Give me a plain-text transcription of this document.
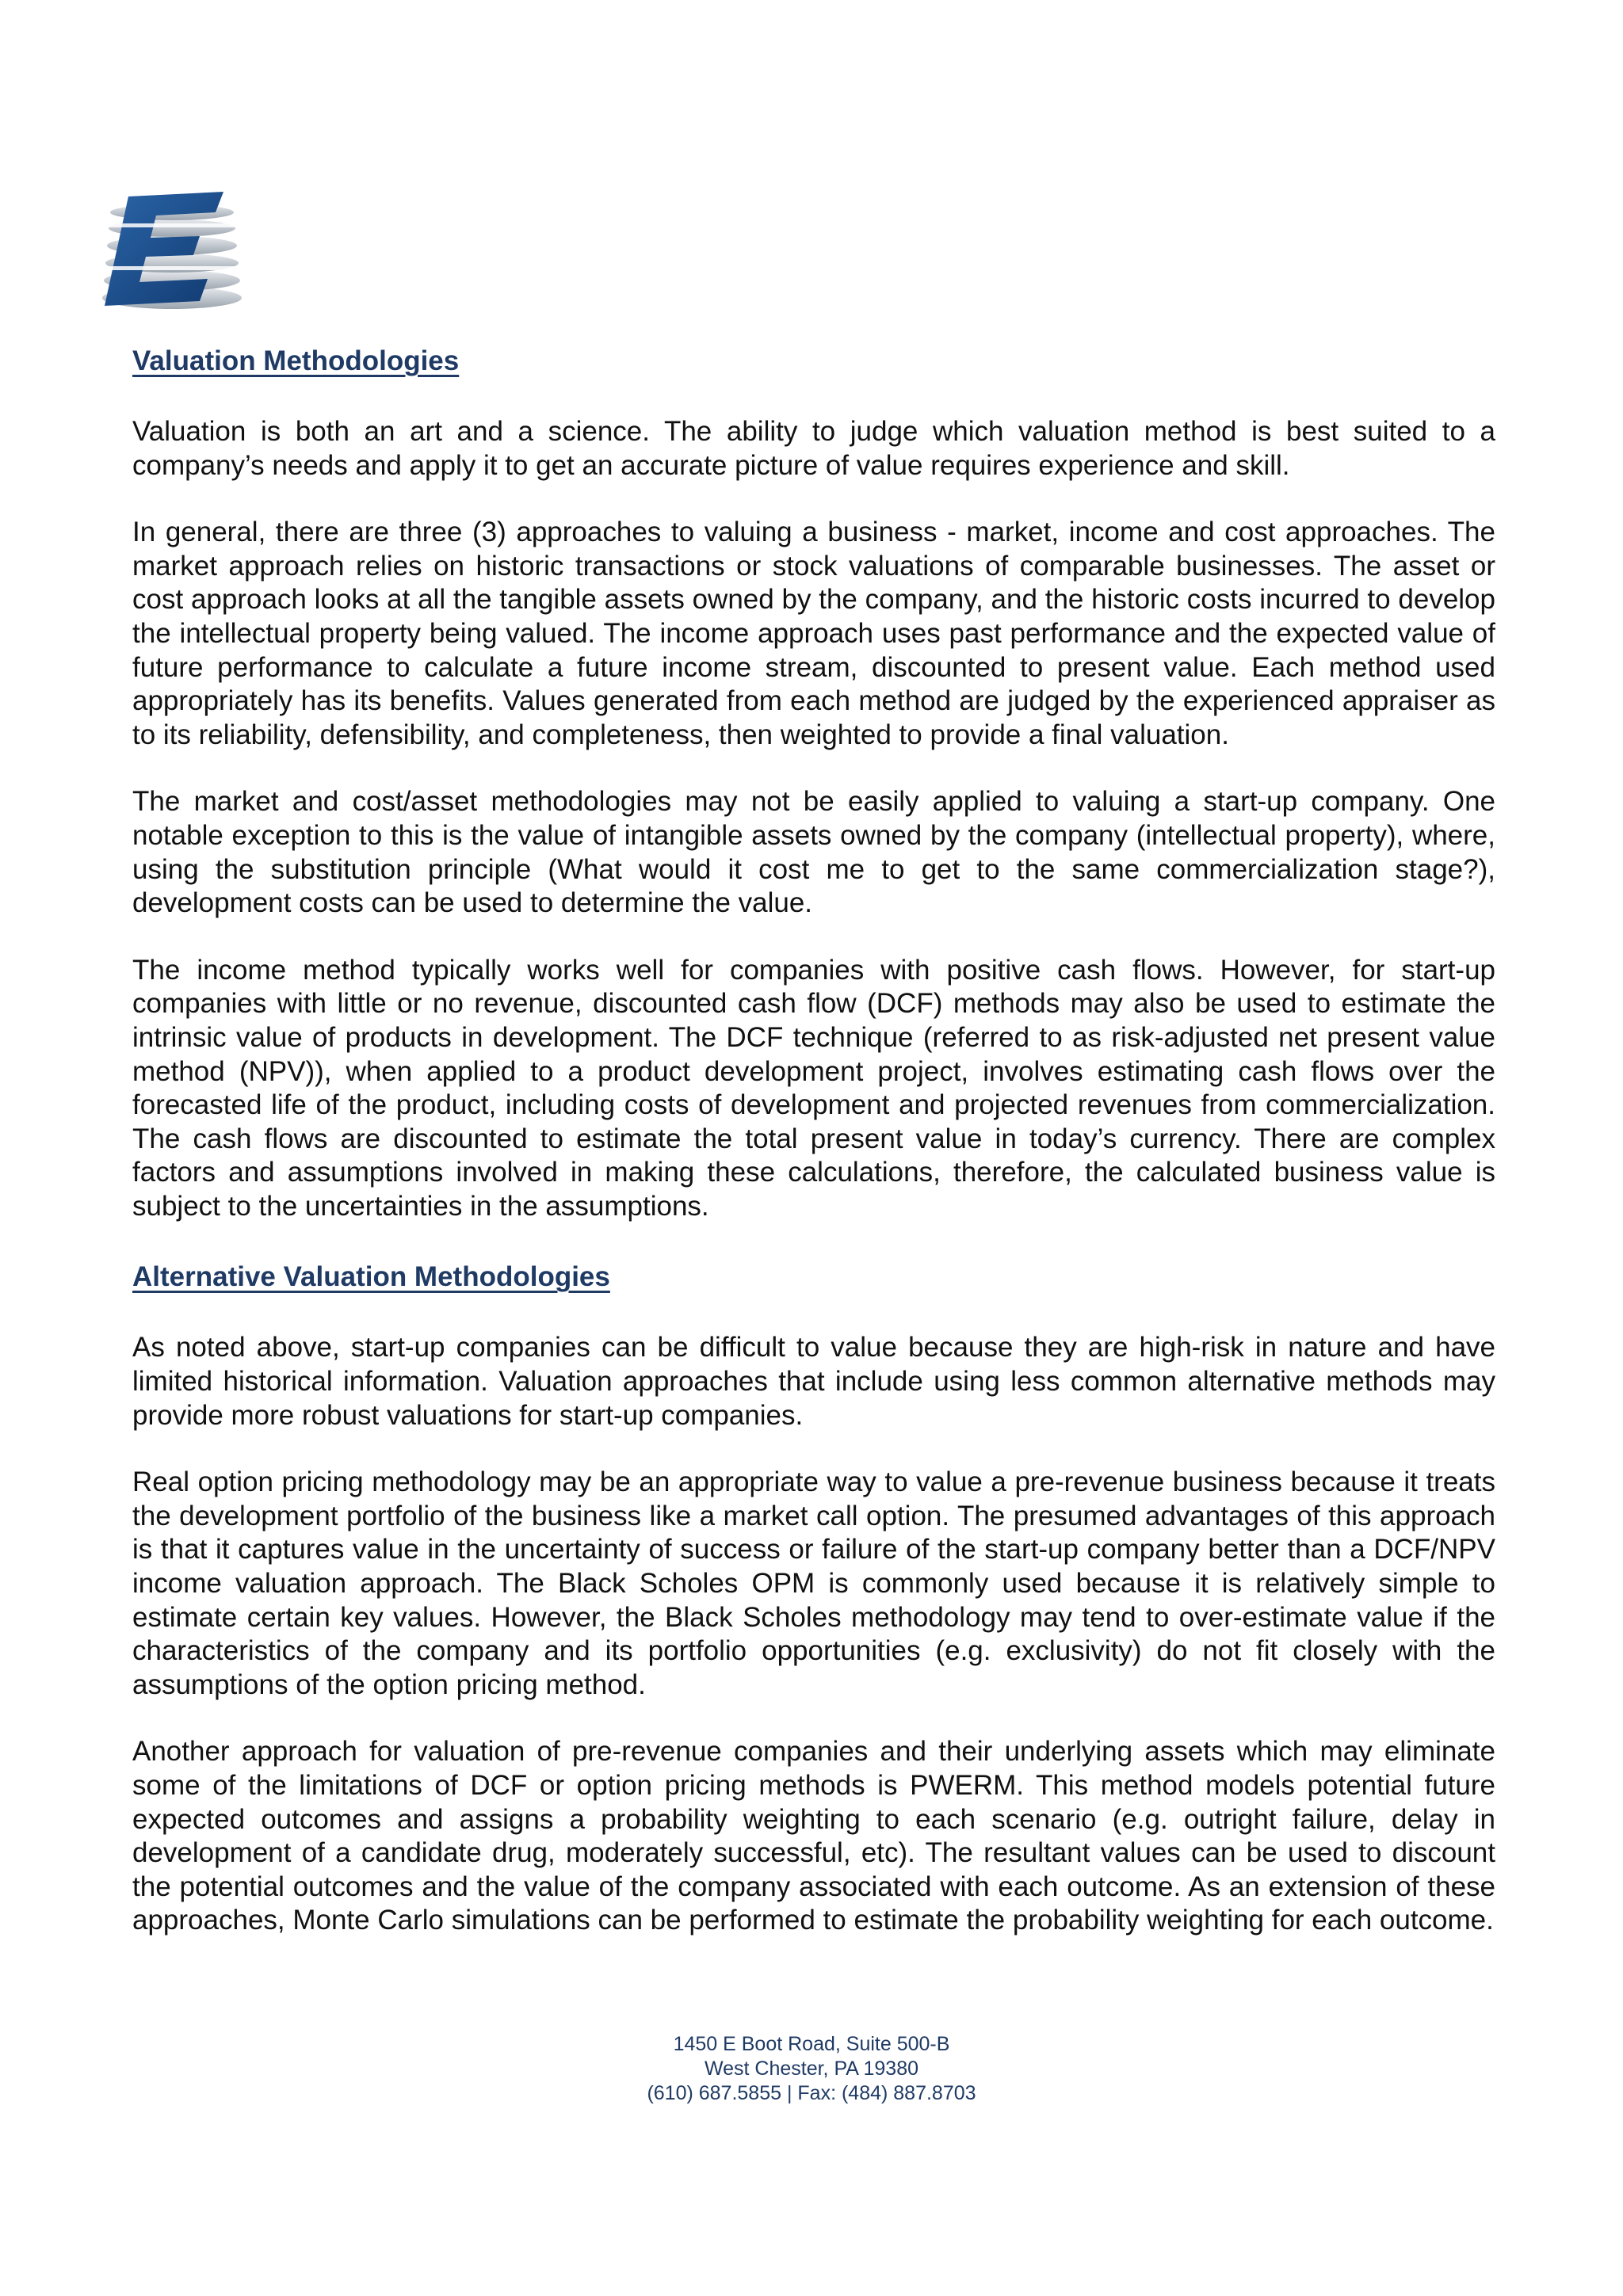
Valuation Methodologies

Valuation is both an art and a science. The ability to judge which valuation method is best suited to a company’s needs and apply it to get an accurate picture of value requires experience and skill.

In general, there are three (3) approaches to valuing a business - market, income and cost approaches. The market approach relies on historic transactions or stock valuations of comparable businesses. The asset or cost approach looks at all the tangible assets owned by the company, and the historic costs incurred to develop the intellectual property being valued. The income approach uses past performance and the expected value of future performance to calculate a future income stream, discounted to present value. Each method used appropriately has its benefits. Values generated from each method are judged by the experienced appraiser as to its reliability, defensibility, and completeness, then weighted to provide a final valuation.

The market and cost/asset methodologies may not be easily applied to valuing a start-up company. One notable exception to this is the value of intangible assets owned by the company (intellectual property), where, using the substitution principle (What would it cost me to get to the same commercialization stage?), development costs can be used to determine the value.

The income method typically works well for companies with positive cash flows. However, for start-up companies with little or no revenue, discounted cash flow (DCF) methods may also be used to estimate the intrinsic value of products in development. The DCF technique (referred to as risk-adjusted net present value method (NPV)), when applied to a product development project, involves estimating cash flows over the forecasted life of the product, including costs of development and projected revenues from commercialization. The cash flows are discounted to estimate the total present value in today’s currency. There are complex factors and assumptions involved in making these calculations, therefore, the calculated business value is subject to the uncertainties in the assumptions.

Alternative Valuation Methodologies

As noted above, start-up companies can be difficult to value because they are high-risk in nature and have limited historical information. Valuation approaches that include using less common alternative methods may provide more robust valuations for start-up companies.

Real option pricing methodology may be an appropriate way to value a pre-revenue business because it treats the development portfolio of the business like a market call option. The presumed advantages of this approach is that it captures value in the uncertainty of success or failure of the start-up company better than a DCF/NPV income valuation approach. The Black Scholes OPM is commonly used because it is relatively simple to estimate certain key values. However, the Black Scholes methodology may tend to over-estimate value if the characteristics of the company and its portfolio opportunities (e.g. exclusivity) do not fit closely with the assumptions of the option pricing method.

Another approach for valuation of pre-revenue companies and their underlying assets which may eliminate some of the limitations of DCF or option pricing methods is PWERM. This method models potential future expected outcomes and assigns a probability weighting to each scenario (e.g. outright failure, delay in development of a candidate drug, moderately successful, etc). The resultant values can be used to discount the potential outcomes and the value of the company associated with each outcome. As an extension of these approaches, Monte Carlo simulations can be performed to estimate the probability weighting for each outcome.

1450 E Boot Road, Suite 500-B
West Chester, PA 19380
(610) 687.5855 | Fax: (484) 887.8703
